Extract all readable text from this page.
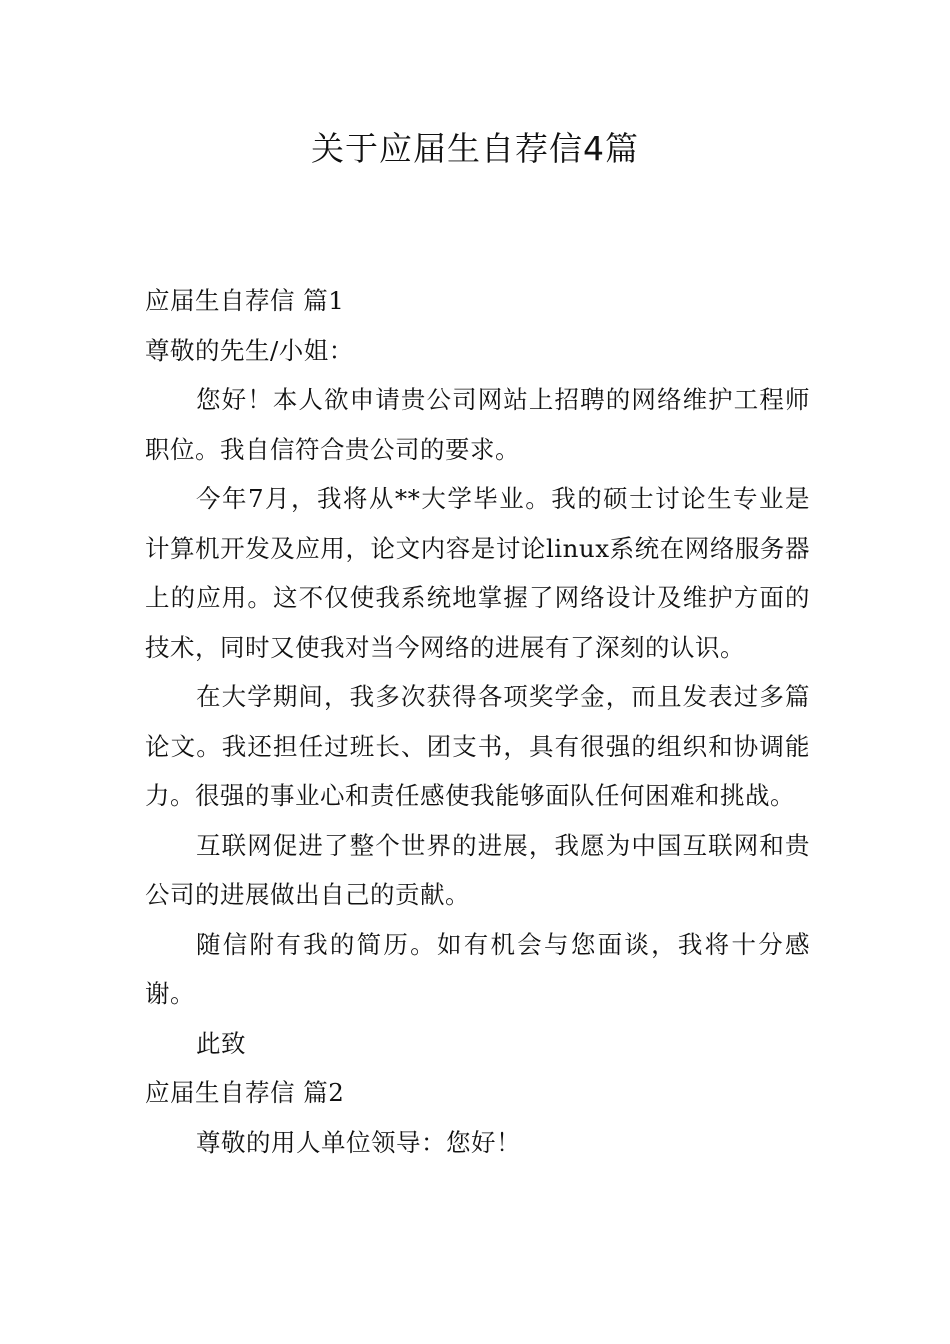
关于应届生自荐信4篇

应届生自荐信 篇1

尊敬的先生/小姐：

您好！本人欲申请贵公司网站上招聘的网络维护工程师职位。我自信符合贵公司的要求。

今年7月，我将从**大学毕业。我的硕士讨论生专业是计算机开发及应用，论文内容是讨论linux系统在网络服务器上的应用。这不仅使我系统地掌握了网络设计及维护方面的技术，同时又使我对当今网络的进展有了深刻的认识。

在大学期间，我多次获得各项奖学金，而且发表过多篇论文。我还担任过班长、团支书，具有很强的组织和协调能力。很强的事业心和责任感使我能够面队任何困难和挑战。

互联网促进了整个世界的进展，我愿为中国互联网和贵公司的进展做出自己的贡献。

随信附有我的简历。如有机会与您面谈，我将十分感谢。

此致

应届生自荐信 篇2

尊敬的用人单位领导：您好！
